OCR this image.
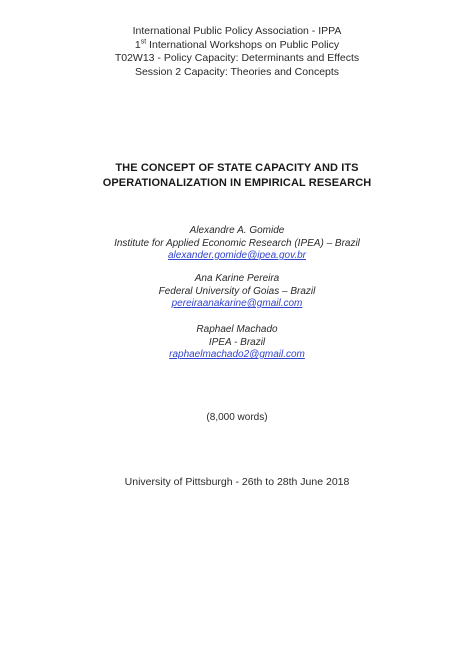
International Public Policy Association - IPPA
1st International Workshops on Public Policy
T02W13 - Policy Capacity: Determinants and Effects
Session 2 Capacity: Theories and Concepts
THE CONCEPT OF STATE CAPACITY AND ITS
OPERATIONALIZATION IN EMPIRICAL RESEARCH
Alexandre A. Gomide
Institute for Applied Economic Research (IPEA) – Brazil
alexander.gomide@ipea.gov.br
Ana Karine Pereira
Federal University of Goias – Brazil
pereiraanakarine@gmail.com
Raphael Machado
IPEA - Brazil
raphaelmachado2@gmail.com
(8,000 words)
University of Pittsburgh - 26th to 28th June 2018
